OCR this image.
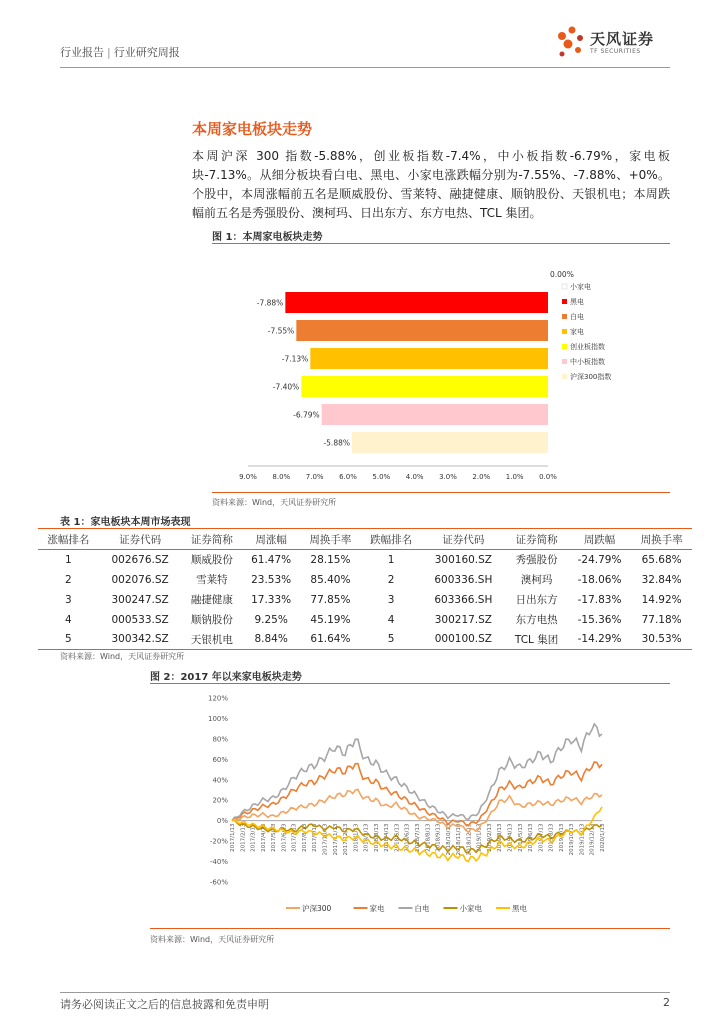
行业报告 | 行业研究周报
天风证券
TF SECURITIES
本周家电板块走势
本周沪深 300 指数-5.88%，创业板指数-7.4%，中小板指数-6.79%，家电板块-7.13%。从细分板块看白电、黑电、小家电涨跌幅分别为-7.55%、-7.88%、+0%。个股中，本周涨幅前五名是顺威股份、雪莱特、融捷健康、顺钠股份、天银机电；本周跌幅前五名是秀强股份、澳柯玛、日出东方、东方电热、TCL 集团。
图 1：本周家电板块走势
9.0% 8.0% 7.0% 6.0% 5.0% 4.0% 3.0% 2.0% 1.0% 0.0%
0.00%
-7.88%
-7.55%
-7.13%
-7.40%
-6.79%
-5.88%
小家电
黑电
白电
家电
创业板指数
中小板指数
沪深300指数
资料来源：Wind，天风证券研究所
表 1：家电板块本周市场表现
涨幅排名	证券代码	证券简称	周涨幅	周换手率	跌幅排名	证券代码	证券简称	周跌幅	周换手率
1	002676.SZ	顺威股份	61.47%	28.15%	1	300160.SZ	秀强股份	-24.79%	65.68%
2	002076.SZ	雪莱特	23.53%	85.40%	2	600336.SH	澳柯玛	-18.06%	32.84%
3	300247.SZ	融捷健康	17.33%	77.85%	3	603366.SH	日出东方	-17.83%	14.92%
4	000533.SZ	顺钠股份	9.25%	45.19%	4	300217.SZ	东方电热	-15.36%	77.18%
5	300342.SZ	天银机电	8.84%	61.64%	5	000100.SZ	TCL 集团	-14.29%	30.53%
资料来源：Wind，天风证券研究所
图 2：2017 年以来家电板块走势
120%
100%
80%
60%
40%
20%
0%
-20%
-40%
-60%
2017/1/13 2017/2/13 2017/3/13 2017/4/13 2017/5/13 2017/6/13 2017/7/13 2017/8/13 2017/9/13 2017/10/13 2017/11/13 2017/12/13 2018/1/13 2018/2/13 2018/3/13 2018/4/13 2018/5/13 2018/6/13 2018/7/13 2018/8/13 2018/9/13 2018/10/13 2018/11/13 2018/12/13 2019/1/13 2019/2/13 2019/3/13 2019/4/13 2019/5/13 2019/6/13 2019/7/13 2019/8/13 2019/9/13 2019/10/13 2019/11/13 2019/12/13 2020/1/13
沪深300	家电	白电	小家电	黑电
资料来源：Wind，天风证券研究所
请务必阅读正文之后的信息披露和免责申明	2
